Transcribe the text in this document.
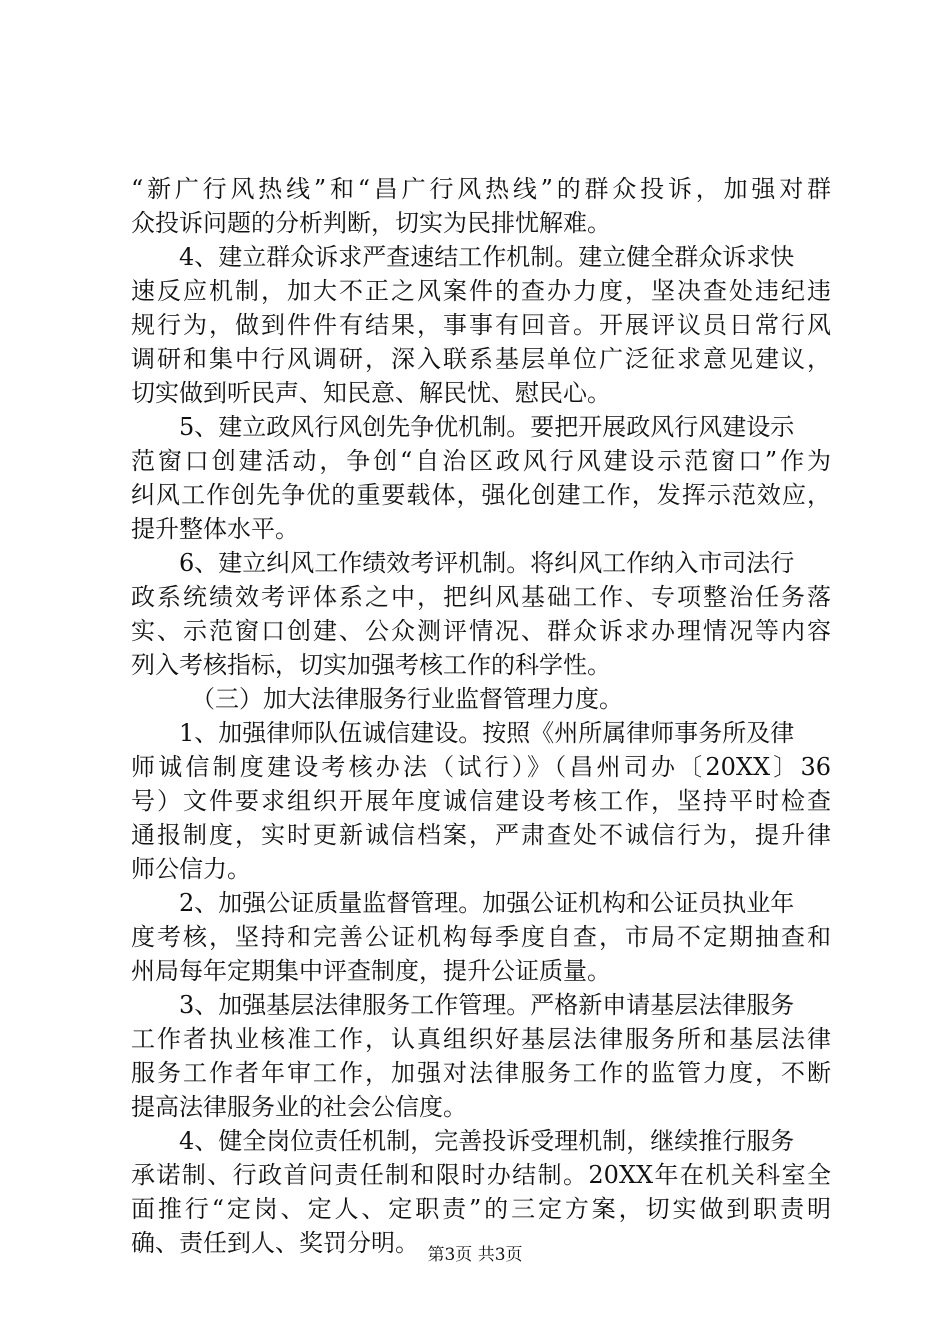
“新广行风热线”和“昌广行风热线”的群众投诉，加强对群
众投诉问题的分析判断，切实为民排忧解难。
4、建立群众诉求严查速结工作机制。建立健全群众诉求快
速反应机制，加大不正之风案件的查办力度，坚决查处违纪违
规行为，做到件件有结果，事事有回音。开展评议员日常行风
调研和集中行风调研，深入联系基层单位广泛征求意见建议，
切实做到听民声、知民意、解民忧、慰民心。
5、建立政风行风创先争优机制。要把开展政风行风建设示
范窗口创建活动，争创“自治区政风行风建设示范窗口”作为
纠风工作创先争优的重要载体，强化创建工作，发挥示范效应，
提升整体水平。
6、建立纠风工作绩效考评机制。将纠风工作纳入市司法行
政系统绩效考评体系之中，把纠风基础工作、专项整治任务落
实、示范窗口创建、公众测评情况、群众诉求办理情况等内容
列入考核指标，切实加强考核工作的科学性。
（三）加大法律服务行业监督管理力度。
1、加强律师队伍诚信建设。按照《州所属律师事务所及律
师诚信制度建设考核办法（试行）》（昌州司办〔20XX〕36
号）文件要求组织开展年度诚信建设考核工作，坚持平时检查
通报制度，实时更新诚信档案，严肃查处不诚信行为，提升律
师公信力。
2、加强公证质量监督管理。加强公证机构和公证员执业年
度考核，坚持和完善公证机构每季度自查，市局不定期抽查和
州局每年定期集中评查制度，提升公证质量。
3、加强基层法律服务工作管理。严格新申请基层法律服务
工作者执业核准工作，认真组织好基层法律服务所和基层法律
服务工作者年审工作，加强对法律服务工作的监管力度，不断
提高法律服务业的社会公信度。
4、健全岗位责任机制，完善投诉受理机制，继续推行服务
承诺制、行政首问责任制和限时办结制。20XX年在机关科室全
面推行“定岗、定人、定职责”的三定方案，切实做到职责明
确、责任到人、奖罚分明。 第3页 共3页
